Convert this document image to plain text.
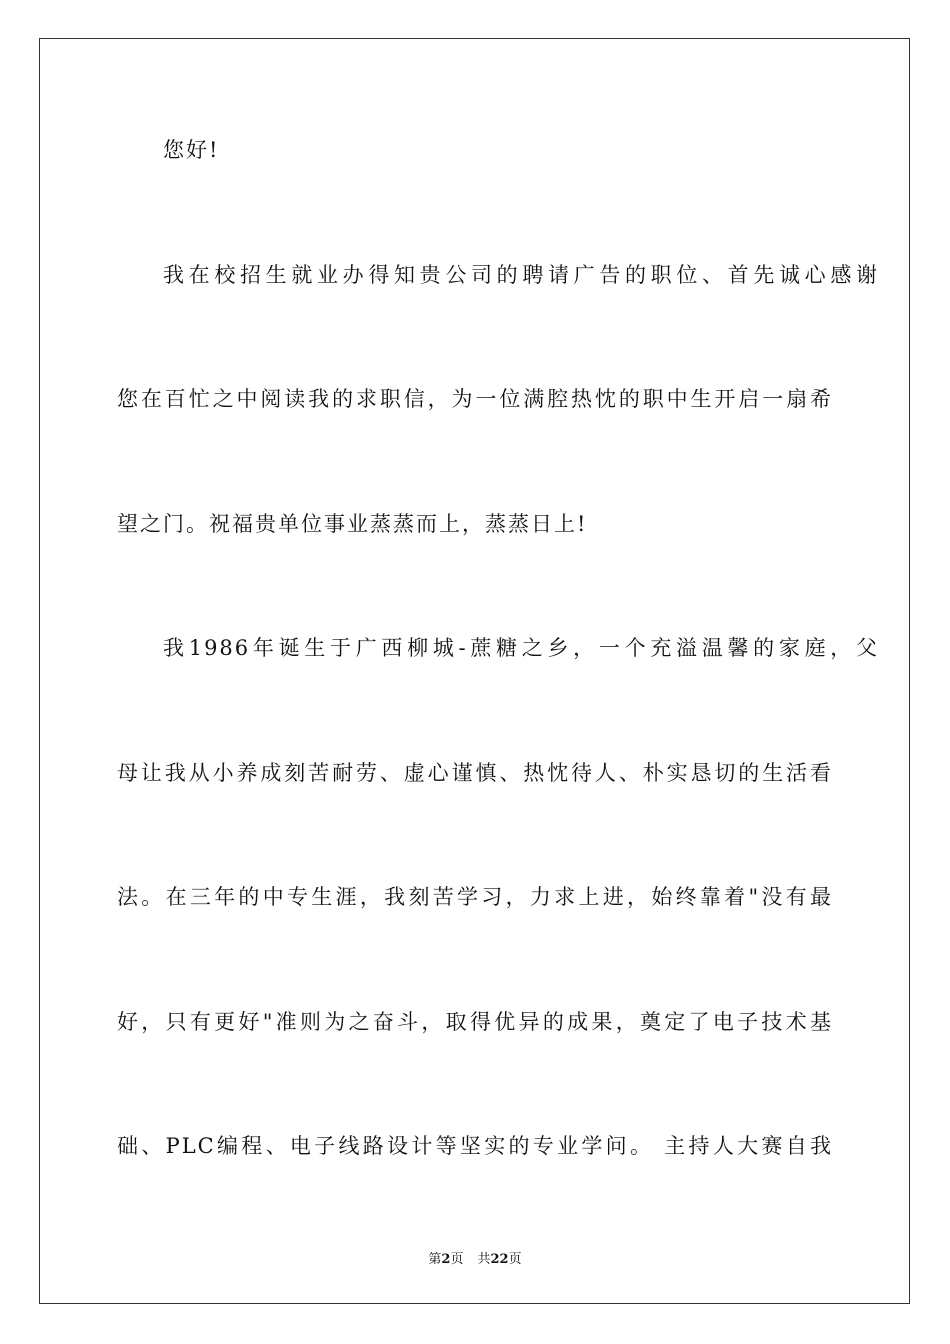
您好!
我在校招生就业办得知贵公司的聘请广告的职位、首先诚心感谢
您在百忙之中阅读我的求职信，为一位满腔热忱的职中生开启一扇希
望之门。祝福贵单位事业蒸蒸而上，蒸蒸日上!
我1986年诞生于广西柳城-蔗糖之乡，一个充溢温馨的家庭，父
母让我从小养成刻苦耐劳、虚心谨慎、热忱待人、朴实恳切的生活看
法。在三年的中专生涯，我刻苦学习，力求上进，始终靠着"没有最
好，只有更好"准则为之奋斗，取得优异的成果，奠定了电子技术基
础、PLC编程、电子线路设计等坚实的专业学问。 主持人大赛自我
第2页 共22页
